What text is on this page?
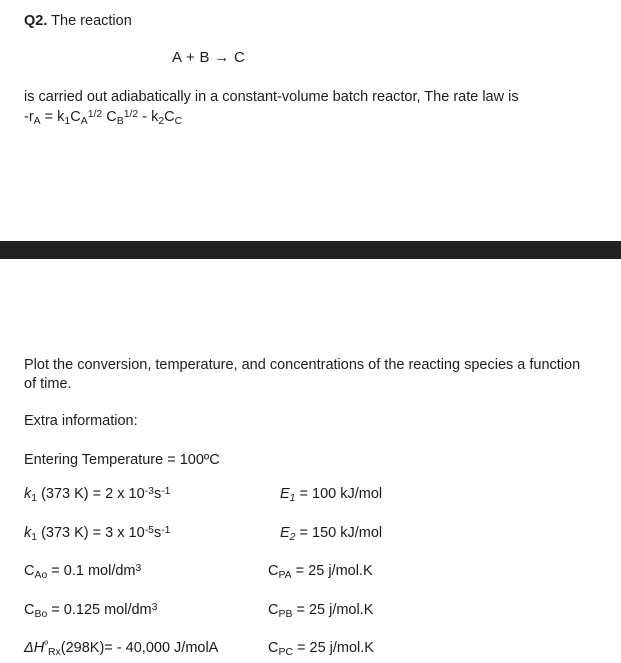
Q2. The reaction
A + B → C
is carried out adiabatically in a constant-volume batch reactor, The rate law is
$-r_A = k_1C_A^{1/2}$ $C_B^{1/2} - k_2C_C$
Plot the conversion, temperature, and concentrations of the reacting species a function of time.
Extra information:
Entering Temperature = 100ºC
$k_1$ (373 K) = 2 x $10^{-3}s^{-1}$	$E_1 = 100$ kJ/mol
$k_1$ (373 K) = 3 x $10^{-5}s^{-1}$	$E_2 = 150$ kJ/mol
$C_{Ao} = 0.1$ mol/$dm^3$	$C_{PA} = 25$ j/mol.K
$C_{Bo} = 0.125$ mol/$dm^3$	$C_{PB} = 25$ j/mol.K
$\Delta H^º_{Rx}(298K)= - 40,000$ J/molA	$C_{PC} = 25$ j/mol.K
